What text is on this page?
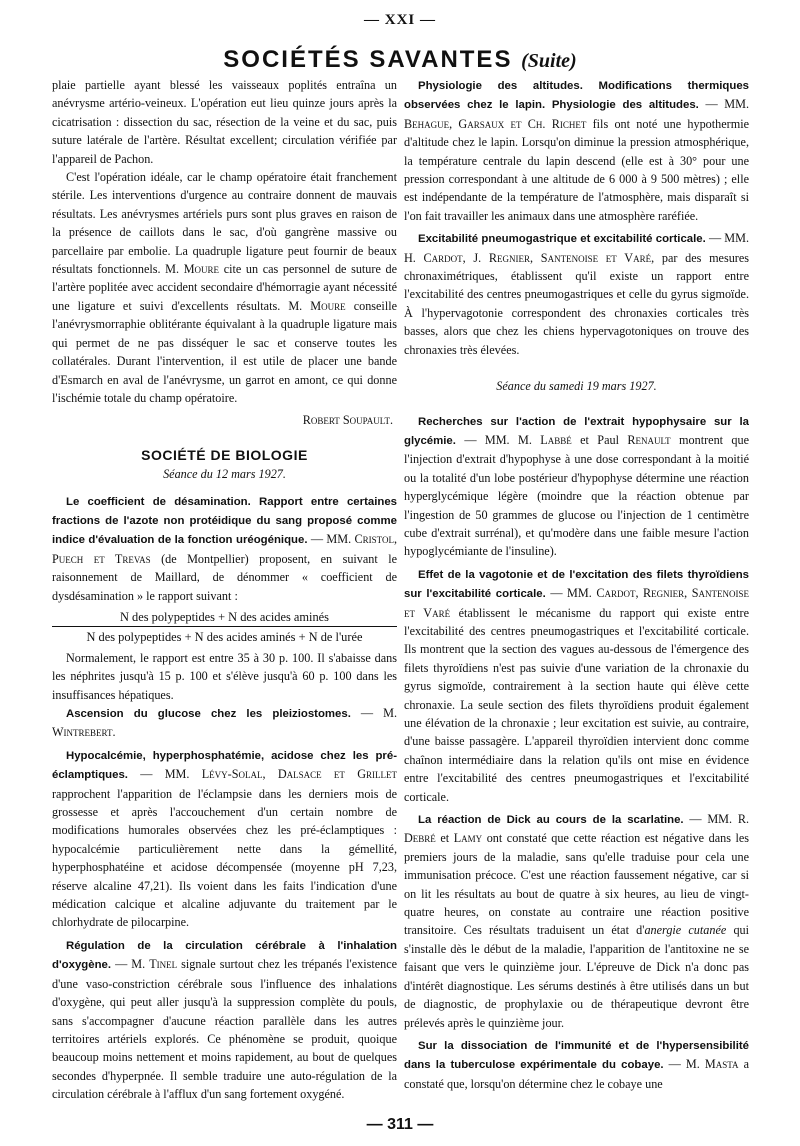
— XXI —
SOCIÉTÉS SAVANTES (Suite)

plaie partielle ayant blessé les vaisseaux poplités entraîna un anévrysme artério-veineux. L'opération eut lieu quinze jours après la cicatrisation : dissection du sac, résection de la veine et du sac, puis suture latérale de l'artère. Résultat excellent; circulation vérifiée par l'appareil de Pachon.

C'est l'opération idéale, car le champ opératoire était franchement stérile. Les interventions d'urgence au contraire donnent de mauvais résultats. Les anévrysmes artériels purs sont plus graves en raison de la présence de caillots dans le sac, d'où gangrène massive ou parcellaire par embolie. La quadruple ligature peut fournir de beaux résultats fonctionnels. M. Moure cite un cas personnel de suture de l'artère poplitée avec accident secondaire d'hémorragie ayant nécessité une ligature et suivi d'excellents résultats. M. Moure conseille l'anévrysmorraphie oblitérante équivalant à la quadruple ligature mais qui permet de ne pas disséquer le sac et conserve toutes les collatérales. Durant l'intervention, il est utile de placer une bande d'Esmarch en aval de l'anévrysme, un garrot en amont, ce qui donne l'ischémie totale du champ opératoire.

Robert Soupault.

SOCIÉTÉ DE BIOLOGIE

Séance du 12 mars 1927.

Le coefficient de désamination. Rapport entre certaines fractions de l'azote non protéidique du sang proposé comme indice d'évaluation de la fonction uréogénique. — MM. Cristol, Puech et Trevas (de Montpellier) proposent, en suivant le raisonnement de Maillard, de dénommer « coefficient de dysdésamination » le rapport suivant :

N des polypeptides + N des acides aminés
N des polypeptides + N des acides aminés + N de l'urée

Normalement, le rapport est entre 35 à 30 p. 100. Il s'abaisse dans les néphrites jusqu'à 15 p. 100 et s'élève jusqu'à 60 p. 100 dans les insuffisances hépatiques.

Ascension du glucose chez les pleiziostomes. — M. Wintrebert.

Hypocalcémie, hyperphosphatémie, acidose chez les pré-éclamptiques. — MM. Lévy-Solal, Dalsace et Grillet rapprochent l'apparition de l'éclampsie dans les derniers mois de grossesse et après l'accouchement d'un certain nombre de modifications humorales observées chez les pré-éclamptiques : hypocalcémie particulièrement nette dans la gémellité, hyperphosphatéine et acidose décompensée (moyenne pH 7,23, réserve alcaline 47,21). Ils voient dans les faits l'indication d'une médication calcique et alcaline adjuvante du traitement par le chlorhydrate de pilocarpine.

Régulation de la circulation cérébrale à l'inhalation d'oxygène. — M. Tinel signale surtout chez les trépanés l'existence d'une vaso-constriction cérébrale sous l'influence des inhalations d'oxygène, qui peut aller jusqu'à la suppression complète du pouls, sans s'accompagner d'aucune réaction parallèle dans les autres territoires artériels explorés. Ce phénomène se produit, quoique beaucoup moins nettement et moins rapidement, au bout de quelques secondes d'hyperpnée. Il semble traduire une auto-régulation de la circulation cérébrale à l'afflux d'un sang fortement oxygéné.

Physiologie des altitudes. Modifications thermiques observées chez le lapin. Physiologie des altitudes. — MM. Behague, Garsaux et Ch. Richet fils ont noté une hypothermie d'altitude chez le lapin. Lorsqu'on diminue la pression atmosphérique, la température centrale du lapin descend (elle est à 30° pour une pression correspondant à une altitude de 6 000 à 9 500 mètres) ; elle est indépendante de la température de l'atmosphère, mais disparaît si l'on fait travailler les animaux dans une atmosphère raréfiée.

Excitabilité pneumogastrique et excitabilité corticale. — MM. H. Cardot, J. Regnier, Santenoise et Varé, par des mesures chronaximétriques, établissent qu'il existe un rapport entre l'excitabilité des centres pneumogastriques et celle du gyrus sigmoïde. À l'hypervagotonie correspondent des chronaxies corticales très basses, alors que chez les chiens hypervagotoniques on trouve des chronaxies très élevées.

Séance du samedi 19 mars 1927.

Recherches sur l'action de l'extrait hypophysaire sur la glycémie. — MM. M. Labbé et Paul Renault montrent que l'injection d'extrait d'hypophyse à une dose correspondant à la moitié ou la totalité d'un lobe postérieur d'hypophyse détermine une réaction hyperglycémique légère (moindre que la réaction obtenue par l'ingestion de 50 grammes de glucose ou l'injection de 1 centimètre cube d'extrait surrénal), et qu'modère dans une faible mesure l'action hypoglycémiante de l'insuline).

Effet de la vagotonie et de l'excitation des filets thyroïdiens sur l'excitabilité corticale. — MM. Cardot, Regnier, Santenoise et Varé établissent le mécanisme du rapport qui existe entre l'excitabilité des centres pneumogastriques et l'excitabilité corticale. Ils montrent que la section des vagues au-dessous de l'émergence des filets thyroïdiens n'est pas suivie d'une variation de la chronaxie du gyrus sigmoïde, contrairement à la section haute qui élève cette chronaxie. La seule section des filets thyroïdiens produit également une élévation de la chronaxie ; leur excitation est suivie, au contraire, d'une baisse passagère. L'appareil thyroïdien intervient donc comme chaînon intermédiaire dans la relation qu'ils ont mise en évidence entre l'excitabilité des centres pneumogastriques et l'excitabilité corticale.

La réaction de Dick au cours de la scarlatine. — MM. R. Debré et Lamy ont constaté que cette réaction est négative dans les premiers jours de la maladie, sans qu'elle traduise pour cela une immunisation précoce. C'est une réaction faussement négative, car si on lit les résultats au bout de quatre à six heures, au lieu de vingt-quatre heures, on constate au contraire une réaction positive transitoire. Ces résultats traduisent un état d'anergie cutanée qui s'installe dès le début de la maladie, l'apparition de l'antitoxine ne se faisant que vers le quinzième jour. L'épreuve de Dick n'a donc pas d'intérêt diagnostique. Les sérums destinés à être utilisés dans un but de diagnostic, de prophylaxie ou de thérapeutique devront être prélevés après le quinzième jour.

Sur la dissociation de l'immunité et de l'hypersensibilité dans la tuberculose expérimentale du cobaye. — M. Masta a constaté que, lorsqu'on détermine chez le cobaye une

— 311 —
